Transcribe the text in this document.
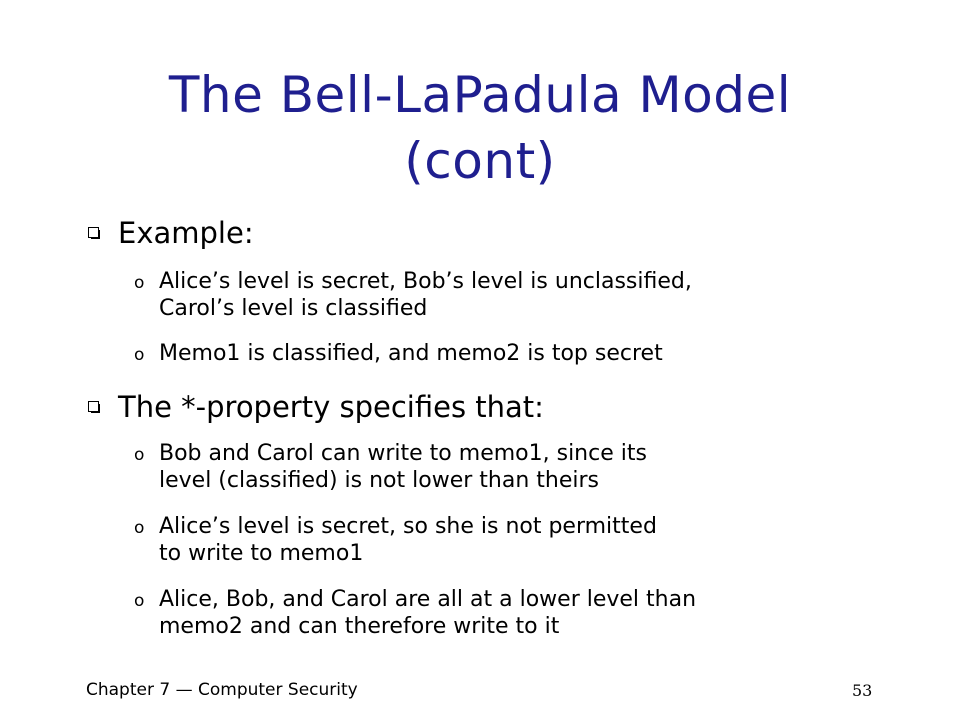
The Bell-LaPadula Model
(cont)
Example:
o Alice’s level is secret, Bob’s level is unclassified,
Carol’s level is classified
o Memo1 is classified, and memo2 is top secret
The *-property specifies that:
o Bob and Carol can write to memo1, since its
level (classified) is not lower than theirs
o Alice’s level is secret, so she is not permitted
to write to memo1
o Alice, Bob, and Carol are all at a lower level than
memo2 and can therefore write to it
Chapter 7 — Computer Security	53
